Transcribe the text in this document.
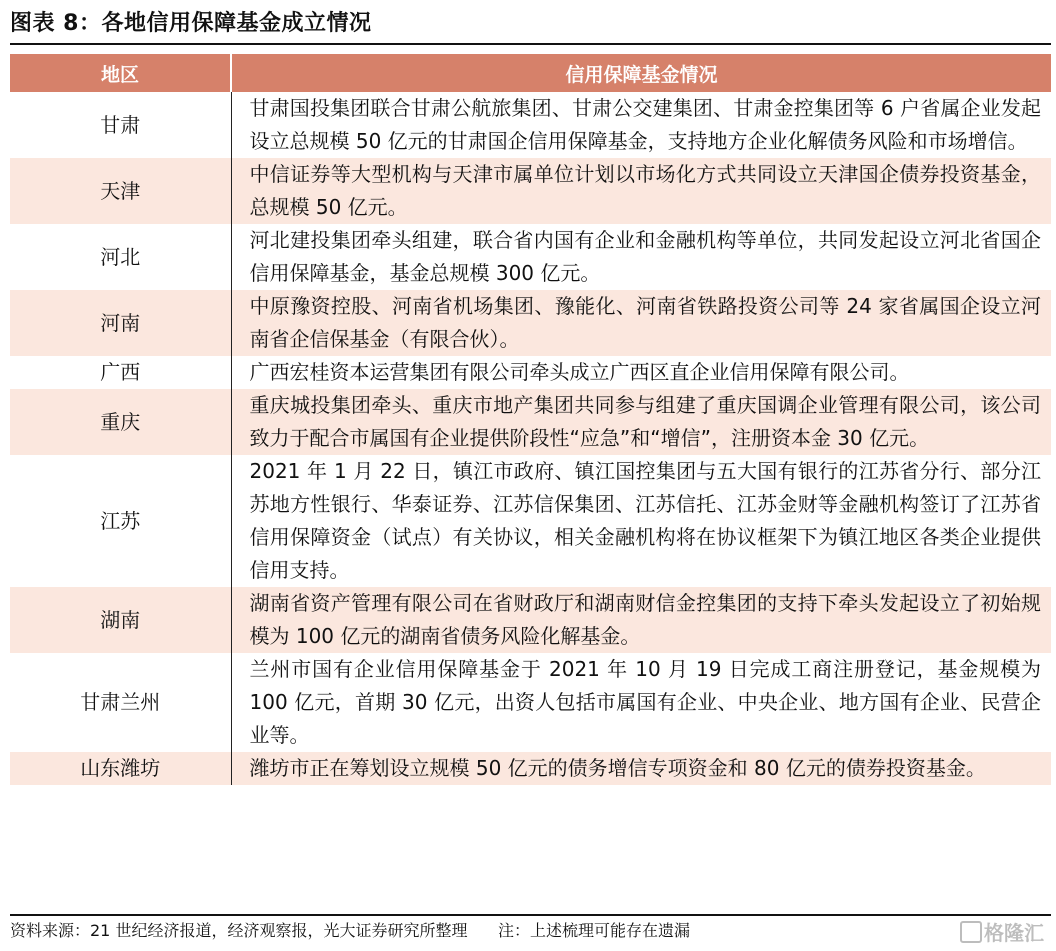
图表 8：各地信用保障基金成立情况
地区	信用保障基金情况
甘肃	甘肃国投集团联合甘肃公航旅集团、甘肃公交建集团、甘肃金控集团等 6 户省属企业发起设立总规模 50 亿元的甘肃国企信用保障基金，支持地方企业化解债务风险和市场增信。
天津	中信证券等大型机构与天津市属单位计划以市场化方式共同设立天津国企债券投资基金，总规模 50 亿元。
河北	河北建投集团牵头组建，联合省内国有企业和金融机构等单位，共同发起设立河北省国企信用保障基金，基金总规模 300 亿元。
河南	中原豫资控股、河南省机场集团、豫能化、河南省铁路投资公司等 24 家省属国企设立河南省企信保基金（有限合伙）。
广西	广西宏桂资本运营集团有限公司牵头成立广西区直企业信用保障有限公司。
重庆	重庆城投集团牵头、重庆市地产集团共同参与组建了重庆国调企业管理有限公司，该公司致力于配合市属国有企业提供阶段性“应急”和“增信”，注册资本金 30 亿元。
江苏	2021 年 1 月 22 日，镇江市政府、镇江国控集团与五大国有银行的江苏省分行、部分江苏地方性银行、华泰证券、江苏信保集团、江苏信托、江苏金财等金融机构签订了江苏省信用保障资金（试点）有关协议，相关金融机构将在协议框架下为镇江地区各类企业提供信用支持。
湖南	湖南省资产管理有限公司在省财政厅和湖南财信金控集团的支持下牵头发起设立了初始规模为 100 亿元的湖南省债务风险化解基金。
甘肃兰州	兰州市国有企业信用保障基金于 2021 年 10 月 19 日完成工商注册登记，基金规模为 100 亿元，首期 30 亿元，出资人包括市属国有企业、中央企业、地方国有企业、民营企业等。
山东潍坊	潍坊市正在筹划设立规模 50 亿元的债务增信专项资金和 80 亿元的债券投资基金。
资料来源：21 世纪经济报道，经济观察报，光大证券研究所整理 注：上述梳理可能存在遗漏	格隆汇
